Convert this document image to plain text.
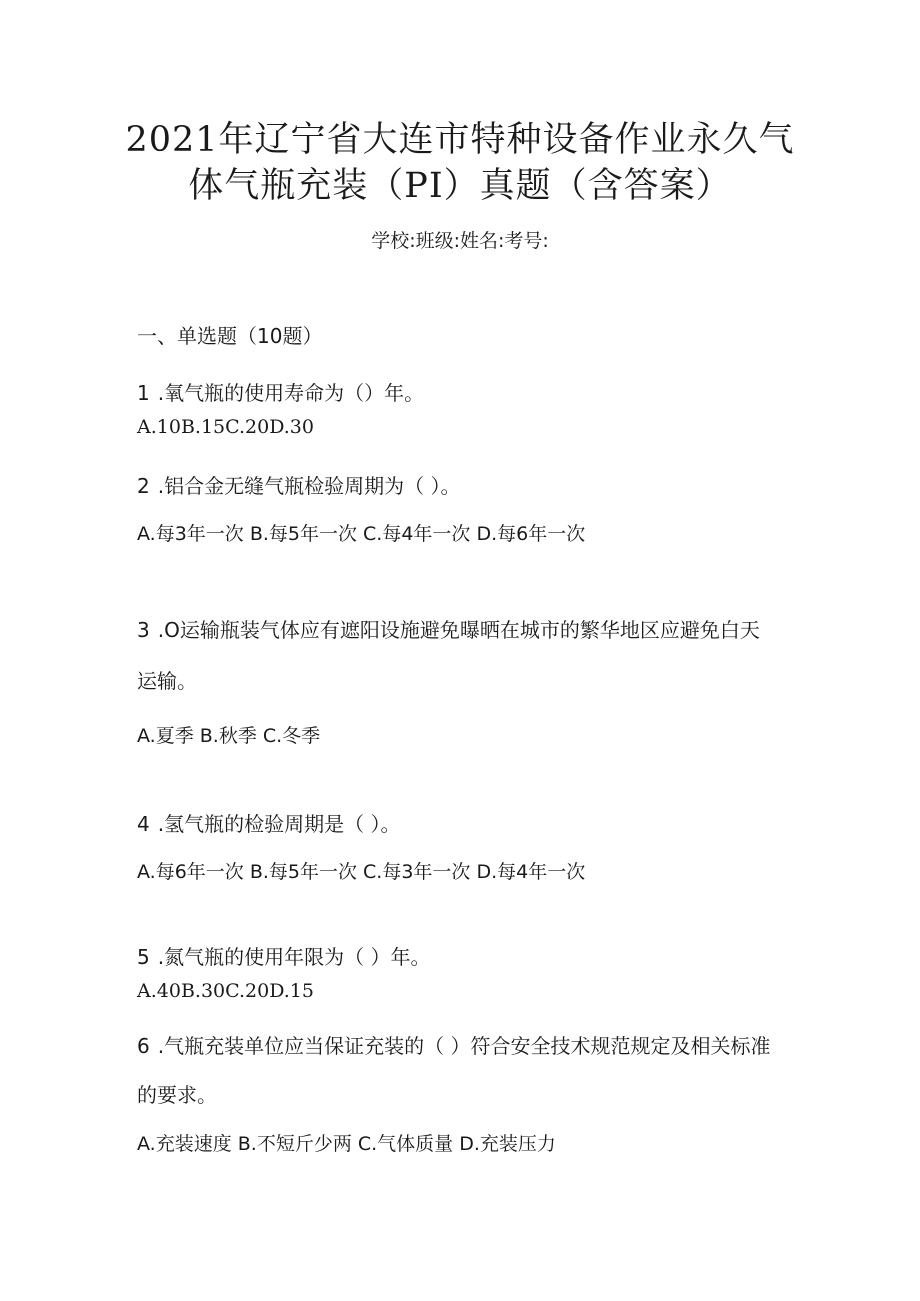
2021年辽宁省大连市特种设备作业永久气
体气瓶充装（PI）真题（含答案）
学校:班级:姓名:考号:
一、单选题（10题）
1 .氧气瓶的使用寿命为（）年。
A.10B.15C.20D.30
2 .铝合金无缝气瓶检验周期为（ ）。
A.每3年一次 B.每5年一次 C.每4年一次 D.每6年一次
3 .O运输瓶装气体应有遮阳设施避免曝晒在城市的繁华地区应避免白天
运输。
A.夏季 B.秋季 C.冬季
4 .氢气瓶的检验周期是（ ）。
A.每6年一次 B.每5年一次 C.每3年一次 D.每4年一次
5 .氮气瓶的使用年限为（ ）年。
A.40B.30C.20D.15
6 .气瓶充装单位应当保证充装的（ ）符合安全技术规范规定及相关标准
的要求。
A.充装速度 B.不短斤少两 C.气体质量 D.充装压力
